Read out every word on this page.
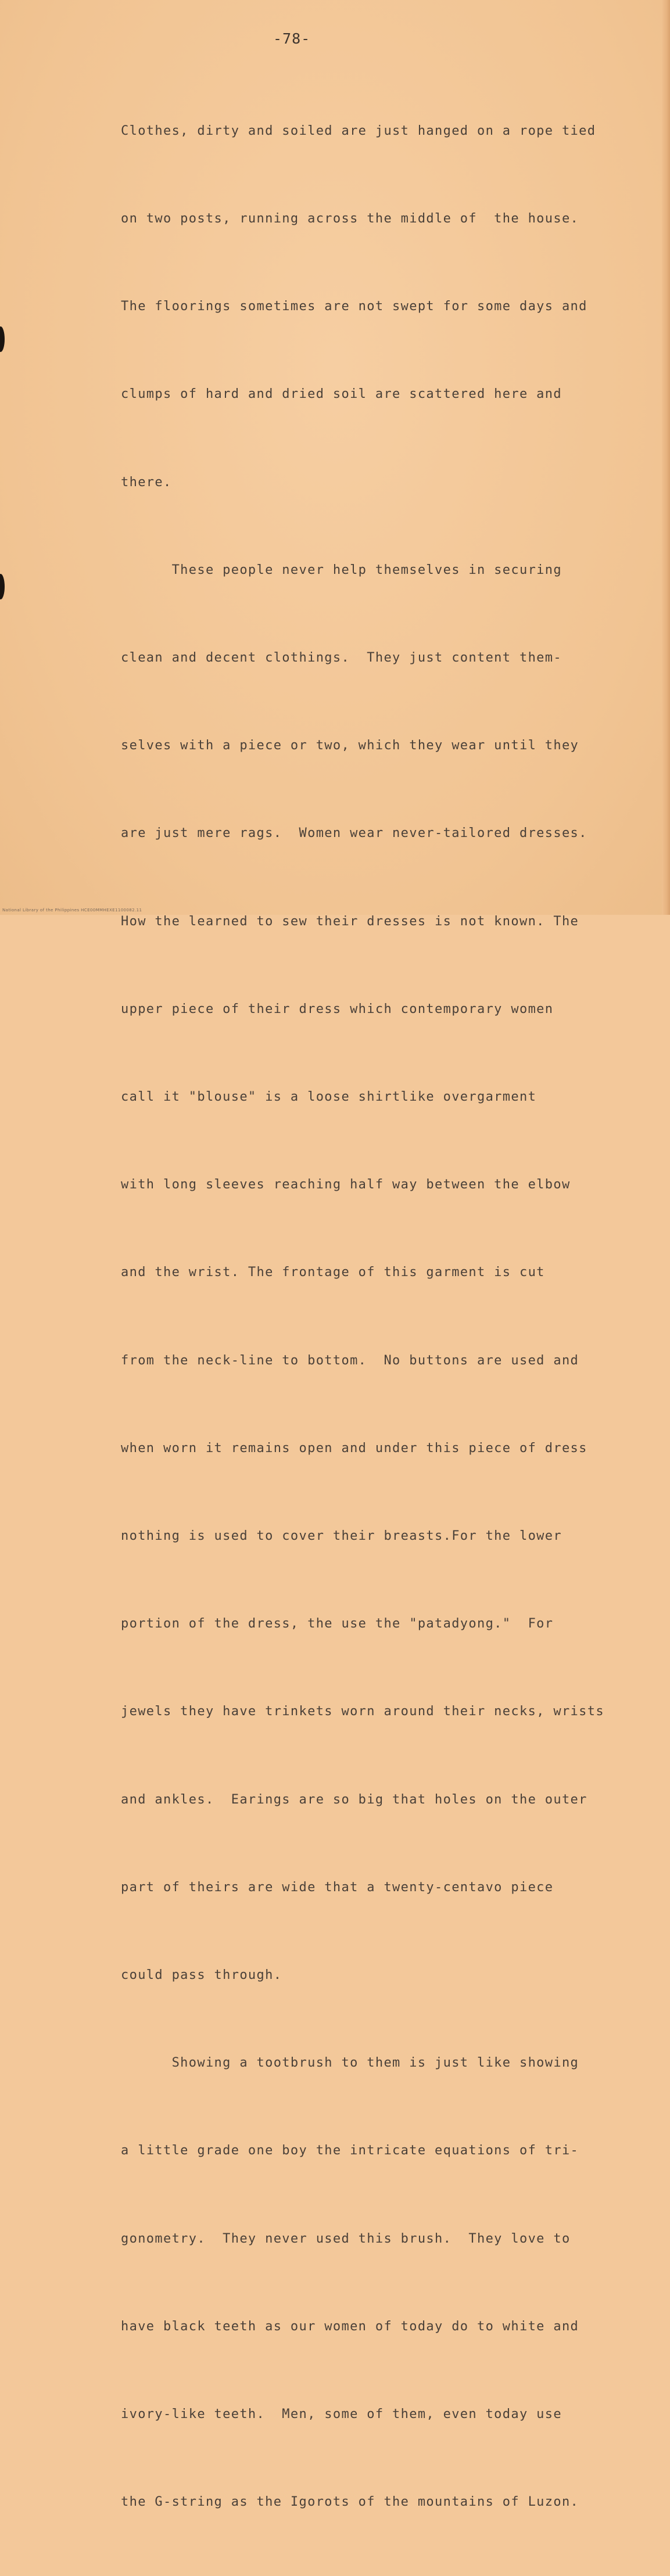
-78-

Clothes, dirty and soiled are just hanged on a rope tied

on two posts, running across the middle of  the house.

The floorings sometimes are not swept for some days and

clumps of hard and dried soil are scattered here and

there.

These people never help themselves in securing

clean and decent clothings.  They just content them-

selves with a piece or two, which they wear until they

are just mere rags.  Women wear never-tailored dresses.

How the learned to sew their dresses is not known. The

upper piece of their dress which contemporary women

call it "blouse" is a loose shirtlike overgarment

with long sleeves reaching half way between the elbow

and the wrist. The frontage of this garment is cut

from the neck-line to bottom.  No buttons are used and

when worn it remains open and under this piece of dress

nothing is used to cover their breasts.For the lower

portion of the dress, the use the "patadyong."  For

jewels they have trinkets worn around their necks, wrists

and ankles.  Earings are so big that holes on the outer

part of theirs are wide that a twenty-centavo piece

could pass through.

Showing a tootbrush to them is just like showing

a little grade one boy the intricate equations of tri-

gonometry.  They never used this brush.  They love to

have black teeth as our women of today do to white and

ivory-like teeth.  Men, some of them, even today use

the G-string as the Igorots of the mountains of Luzon.

National Library of the Philippines HCE00MMHEXE1100082.11
